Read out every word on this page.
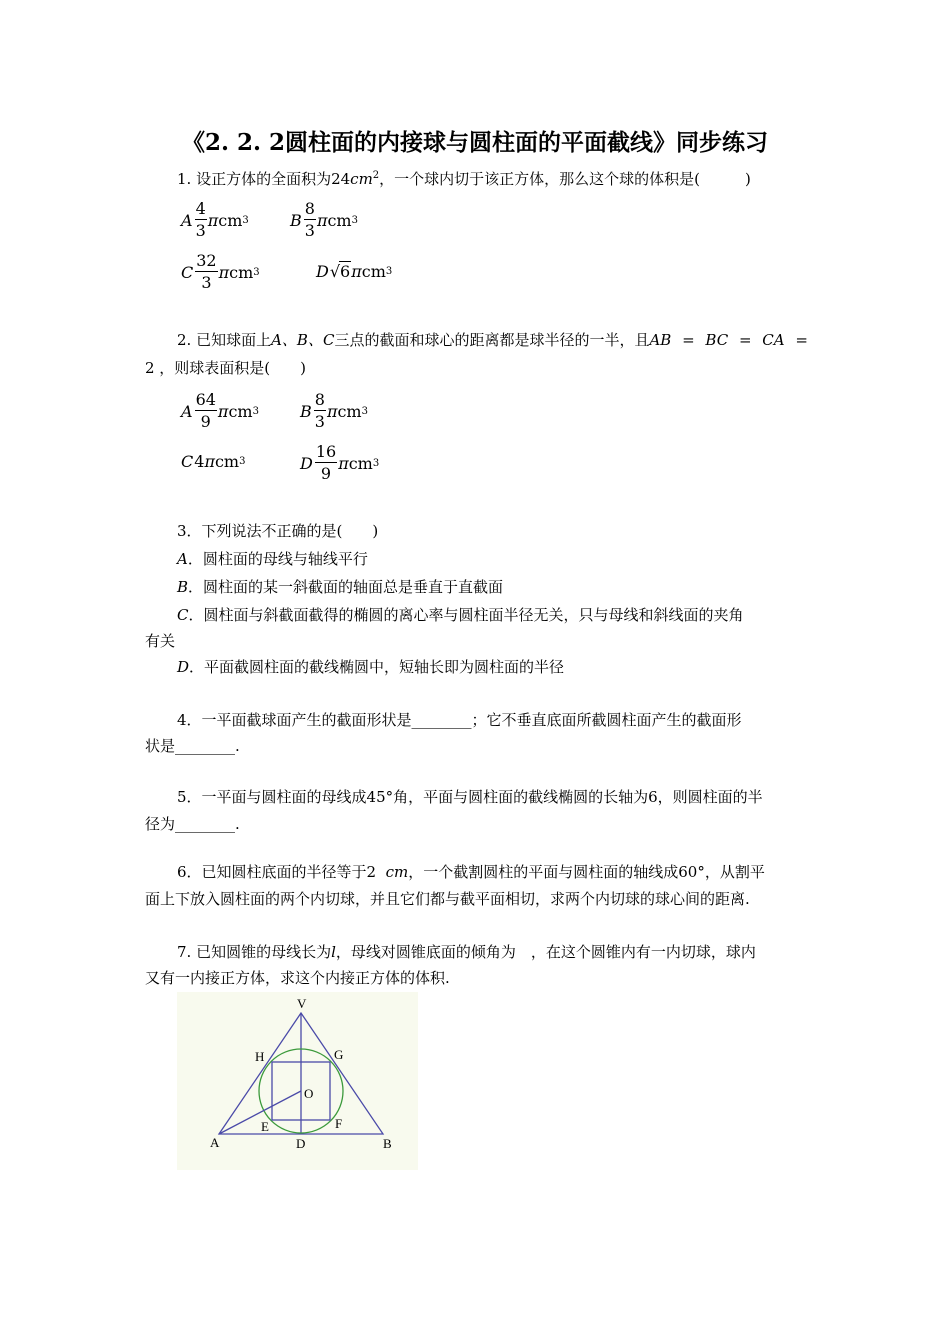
《2. 2. 2圆柱面的内接球与圆柱面的平面截线》同步练习
1. 设正方体的全面积为$24cm^2$，一个球内切于该正方体，那么这个球的体积是(　　　)
A $\frac{4}{3}$ π cm 3	B $\frac{8}{3}$ π cm 3
C $\frac{32}{3}$ π cm 3	D √ 6 π cm 3
2. 已知球面上A、B、C三点的截面和球心的距离都是球半径的一半，且AB = BC = CA =
2 ，则球表面积是(　　)
A $\frac{64}{9}$ π cm 3	B $\frac{8}{3}$ π cm 3
C 4 π cm 3	D $\frac{16}{9}$ π cm 3
3．下列说法不正确的是(　　)
A．圆柱面的母线与轴线平行
B．圆柱面的某一斜截面的轴面总是垂直于直截面
C．圆柱面与斜截面截得的椭圆的离心率与圆柱面半径无关，只与母线和斜线面的夹角
有关
D．平面截圆柱面的截线椭圆中，短轴长即为圆柱面的半径
4．一平面截球面产生的截面形状是________；它不垂直底面所截圆柱面产生的截面形
状是________.
5．一平面与圆柱面的母线成45°角，平面与圆柱面的截线椭圆的长轴为6，则圆柱面的半
径为________.
6．已知圆柱底面的半径等于2 cm，一个截割圆柱的平面与圆柱面的轴线成60°，从割平
面上下放入圆柱面的两个内切球，并且它们都与截平面相切，求两个内切球的球心间的距离.
7. 已知圆锥的母线长为l，母线对圆锥底面的倾角为　，在这个圆锥内有一内切球，球内
又有一内接正方体，求这个内接正方体的体积.
V
H	G
O
E	F
A	D	B
